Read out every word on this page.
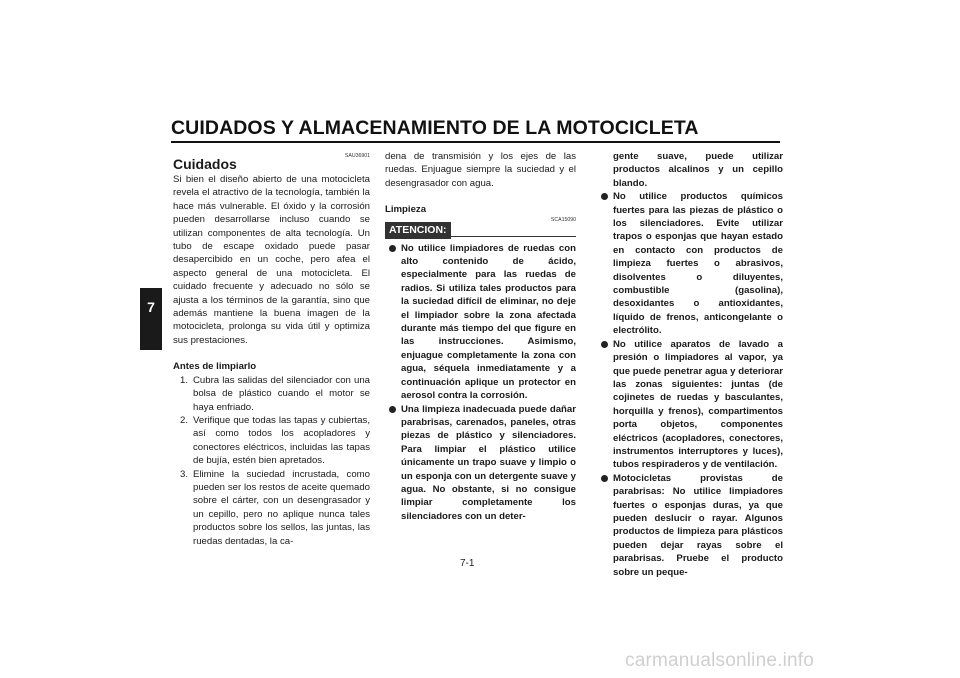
CUIDADOS Y ALMACENAMIENTO DE LA MOTOCICLETA
7
SAU36901
Cuidados

Si bien el diseño abierto de una motocicleta revela el atractivo de la tecnología, también la hace más vulnerable. El óxido y la corrosión pueden desarrollarse incluso cuando se utilizan componentes de alta tecnología. Un tubo de escape oxidado puede pasar desapercibido en un coche, pero afea el aspecto general de una motocicleta. El cuidado frecuente y adecuado no sólo se ajusta a los términos de la garantía, sino que además mantiene la buena imagen de la motocicleta, prolonga su vida útil y optimiza sus prestaciones.

Antes de limpiarlo
1. Cubra las salidas del silenciador con una bolsa de plástico cuando el motor se haya enfriado.
2. Verifique que todas las tapas y cubiertas, así como todos los acopladores y conectores eléctricos, incluidas las tapas de bujía, estén bien apretados.
3. Elimine la suciedad incrustada, como pueden ser los restos de aceite quemado sobre el cárter, con un desengrasador y un cepillo, pero no aplique nunca tales productos sobre los sellos, las juntas, las ruedas dentadas, la ca-

dena de transmisión y los ejes de las ruedas. Enjuague siempre la suciedad y el desengrasador con agua.

Limpieza
SCA15090
ATENCION:
No utilice limpiadores de ruedas con alto contenido de ácido, especialmente para las ruedas de radios. Si utiliza tales productos para la suciedad difícil de eliminar, no deje el limpiador sobre la zona afectada durante más tiempo del que figure en las instrucciones. Asimismo, enjuague completamente la zona con agua, séquela inmediatamente y a continuación aplique un protector en aerosol contra la corrosión.
Una limpieza inadecuada puede dañar parabrisas, carenados, paneles, otras piezas de plástico y silenciadores. Para limpiar el plástico utilice únicamente un trapo suave y limpio o un esponja con un detergente suave y agua. No obstante, si no consigue limpiar completamente los silenciadores con un deter-
gente suave, puede utilizar productos alcalinos y un cepillo blando.
No utilice productos químicos fuertes para las piezas de plástico o los silenciadores. Evite utilizar trapos o esponjas que hayan estado en contacto con productos de limpieza fuertes o abrasivos, disolventes o diluyentes, combustible (gasolina), desoxidantes o antioxidantes, líquido de frenos, anticongelante o electrólito.
No utilice aparatos de lavado a presión o limpiadores al vapor, ya que puede penetrar agua y deteriorar las zonas siguientes: juntas (de cojinetes de ruedas y basculantes, horquilla y frenos), compartimentos porta objetos, componentes eléctricos (acopladores, conectores, instrumentos interruptores y luces), tubos respiraderos y de ventilación.
Motocicletas provistas de parabrisas: No utilice limpiadores fuertes o esponjas duras, ya que pueden deslucir o rayar. Algunos productos de limpieza para plásticos pueden dejar rayas sobre el parabrisas. Pruebe el producto sobre un peque-
7-1
carmanualsonline.info
